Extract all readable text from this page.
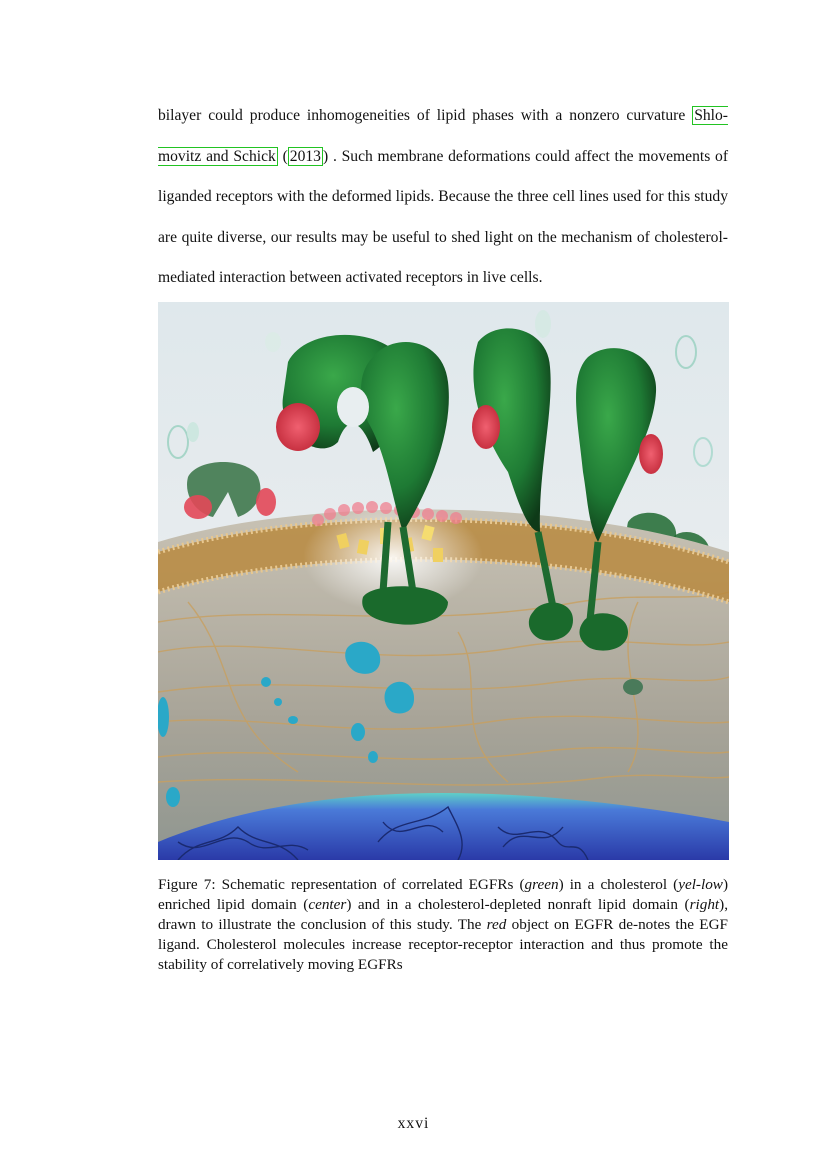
bilayer could produce inhomogeneities of lipid phases with a nonzero curvature Shlo-movitz and Schick ( 2013 ) . Such membrane deformations could affect the movements of liganded receptors with the deformed lipids. Because the three cell lines used for this study are quite diverse, our results may be useful to shed light on the mechanism of cholesterol-mediated interaction between activated receptors in live cells.

Figure 7: Schematic representation of correlated EGFRs (green) in a cholesterol (yel-low) enriched lipid domain (center) and in a cholesterol-depleted nonraft lipid domain (right), drawn to illustrate the conclusion of this study. The red object on EGFR de-notes the EGF ligand. Cholesterol molecules increase receptor-receptor interaction and thus promote the stability of correlatively moving EGFRs

xxvi
